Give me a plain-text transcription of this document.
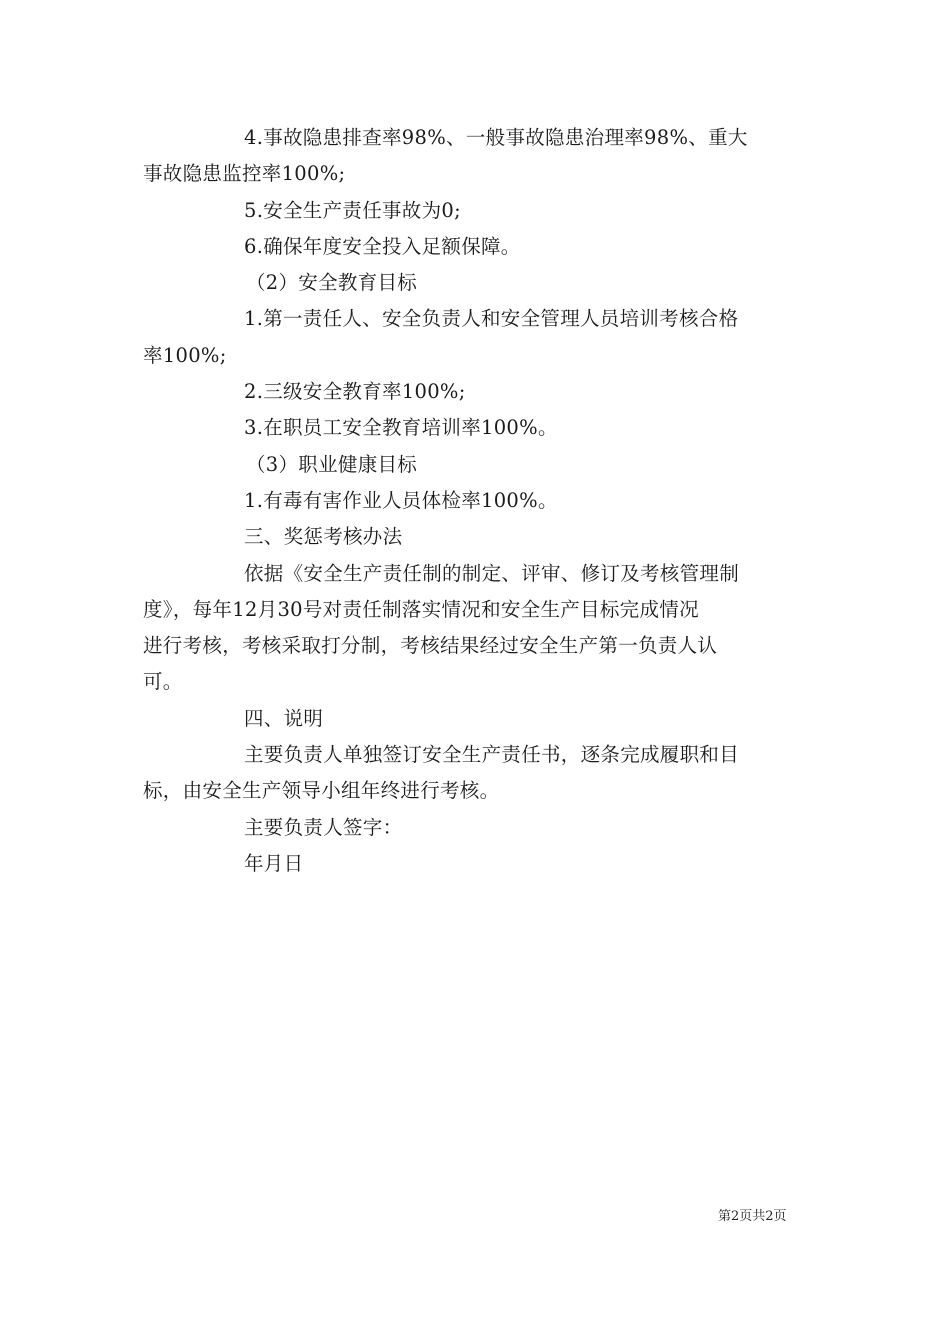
4.事故隐患排查率98%、一般事故隐患治理率98%、重大
事故隐患监控率100%;
5.安全生产责任事故为0;
6.确保年度安全投入足额保障。
（2）安全教育目标
1.第一责任人、安全负责人和安全管理人员培训考核合格
率100%;
2.三级安全教育率100%;
3.在职员工安全教育培训率100%。
（3）职业健康目标
1.有毒有害作业人员体检率100%。
三、奖惩考核办法
依据《安全生产责任制的制定、评审、修订及考核管理制
度》，每年12月30号对责任制落实情况和安全生产目标完成情况
进行考核，考核采取打分制，考核结果经过安全生产第一负责人认
可。
四、说明
主要负责人单独签订安全生产责任书，逐条完成履职和目
标，由安全生产领导小组年终进行考核。
主要负责人签字：
年月日
第2页共2页
